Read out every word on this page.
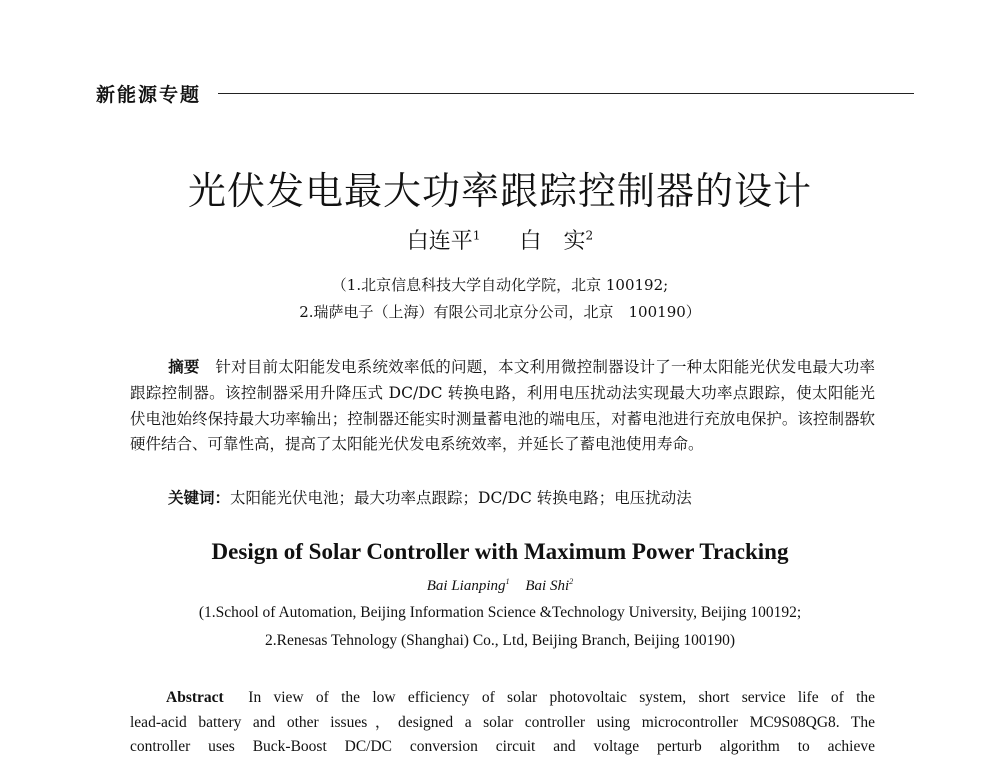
新能源专题
光伏发电最大功率跟踪控制器的设计
白连平$^1$ 白　实$^2$
（1.北京信息科技大学自动化学院，北京 100192;
2.瑞萨电子（上海）有限公司北京分公司，北京　100190）

摘要　 针对目前太阳能发电系统效率低的问题，本文利用微控制器设计了一种太阳能光伏发电最大功率跟踪控制器。该控制器采用升降压式 DC/DC 转换电路，利用电压扰动法实现最大功率点跟踪，使太阳能光伏电池始终保持最大功率输出；控制器还能实时测量蓄电池的端电压，对蓄电池进行充放电保护。该控制器软硬件结合、可靠性高，提高了太阳能光伏发电系统效率，并延长了蓄电池使用寿命。

关键词：太阳能光伏电池；最大功率点跟踪；DC/DC 转换电路；电压扰动法
Design of Solar Controller with Maximum Power Tracking
Bai Lianping$^1$ Bai Shi$^2$
(1.School of Automation, Beijing Information Science &Technology University, Beijing 100192;
2.Renesas Tehnology (Shanghai) Co., Ltd, Beijing Branch, Beijing 100190)
Abstract In view of the low efficiency of solar photovoltaic system, short service life of the
lead-acid battery and other issues，designed a solar controller using microcontroller MC9S08QG8. The
controller uses Buck-Boost DC/DC conversion circuit and voltage perturb algorithm to achieve
